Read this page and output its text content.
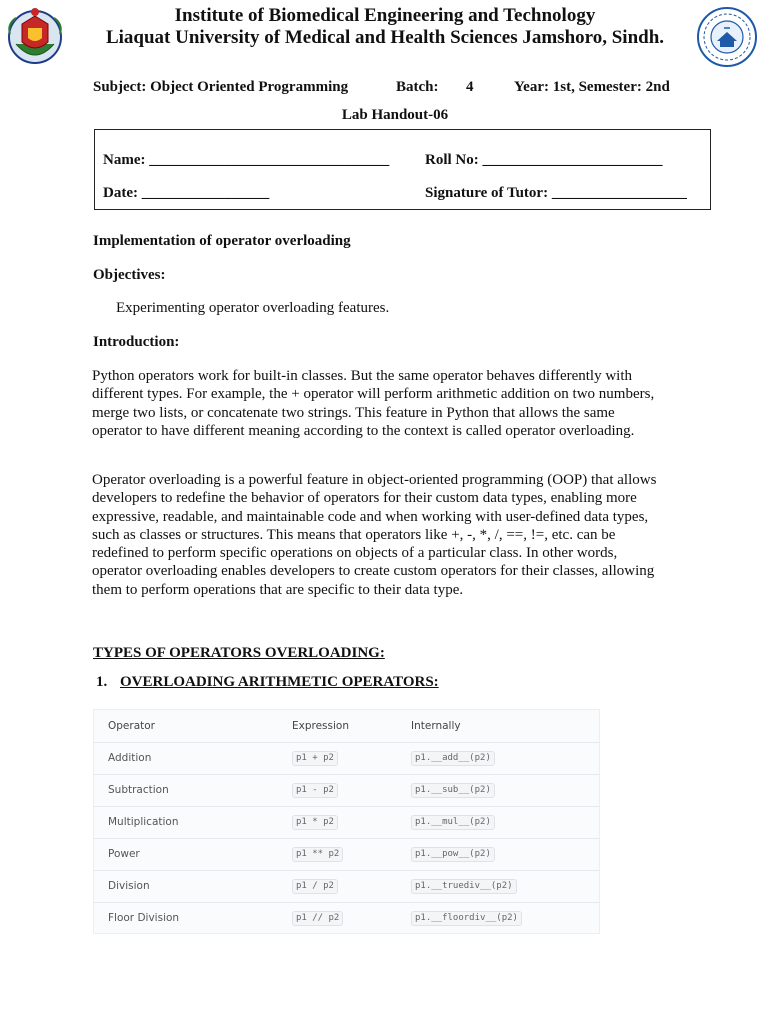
Institute of Biomedical Engineering and Technology
Liaquat University of Medical and Health Sciences Jamshoro, Sindh.
Subject: Object Oriented Programming	Batch: 4	Year: 1st, Semester: 2nd
Lab Handout-06
Name: ________________________________ Roll No: ________________________
Date: _________________	Signature of Tutor: __________________
Implementation of operator overloading
Objectives:
Experimenting operator overloading features.
Introduction:
Python operators work for built-in classes. But the same operator behaves differently with different types. For example, the + operator will perform arithmetic addition on two numbers, merge two lists, or concatenate two strings. This feature in Python that allows the same operator to have different meaning according to the context is called operator overloading.
Operator overloading is a powerful feature in object-oriented programming (OOP) that allows developers to redefine the behavior of operators for their custom data types, enabling more expressive, readable, and maintainable code and when working with user-defined data types, such as classes or structures. This means that operators like +, -, *, /, ==, !=, etc. can be redefined to perform specific operations on objects of a particular class. In other words, operator overloading enables developers to create custom operators for their classes, allowing them to perform operations that are specific to their data type.
TYPES OF OPERATORS OVERLOADING:
1. OVERLOADING ARITHMETIC OPERATORS:
Operator	Expression	Internally
Addition	p1 + p2	p1.__add__(p2)
Subtraction	p1 - p2	p1.__sub__(p2)
Multiplication	p1 * p2	p1.__mul__(p2)
Power	p1 ** p2	p1.__pow__(p2)
Division	p1 / p2	p1.__truediv__(p2)
Floor Division	p1 // p2	p1.__floordiv__(p2)
